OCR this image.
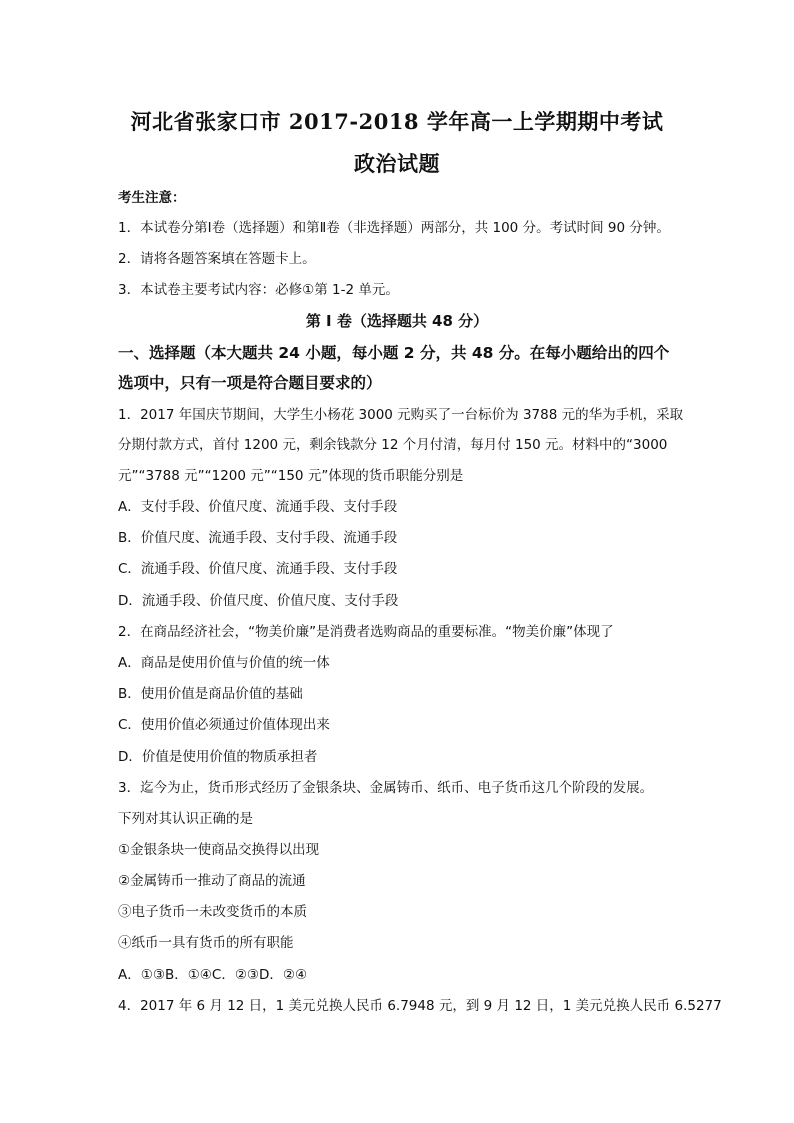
河北省张家口市 2017-2018 学年高一上学期期中考试
政治试题
考生注意：
1．本试卷分第Ⅰ卷（选择题）和第Ⅱ卷（非选择题）两部分，共 100 分。考试时间 90 分钟。
2．请将各题答案填在答题卡上。
3．本试卷主要考试内容：必修①第 1-2 单元。
第 I 卷（选择题共 48 分）
一、选择题（本大题共 24 小题，每小题 2 分，共 48 分。在每小题给出的四个
选项中，只有一项是符合题目要求的）
1．2017 年国庆节期间，大学生小杨花 3000 元购买了一台标价为 3788 元的华为手机，采取
分期付款方式，首付 1200 元，剩余钱款分 12 个月付清，每月付 150 元。材料中的“3000
元”“3788 元”“1200 元”“150 元”体现的货币职能分别是
A．支付手段、价值尺度、流通手段、支付手段
B．价值尺度、流通手段、支付手段、流通手段
C．流通手段、价值尺度、流通手段、支付手段
D．流通手段、价值尺度、价值尺度、支付手段
2．在商品经济社会，“物美价廉”是消费者选购商品的重要标准。“物美价廉”体现了
A．商品是使用价值与价值的统一体
B．使用价值是商品价值的基础
C．使用价值必须通过价值体现出来
D．价值是使用价值的物质承担者
3．迄今为止，货币形式经历了金银条块、金属铸币、纸币、电子货币这几个阶段的发展。
下列对其认识正确的是
①金银条块一使商品交换得以出现
②金属铸币一推动了商品的流通
③电子货币一未改变货币的本质
④纸币一具有货币的所有职能
A．①③B．①④C．②③D．②④
4．2017 年 6 月 12 日，1 美元兑换人民币 6.7948 元，到 9 月 12 日，1 美元兑换人民币 6.5277
